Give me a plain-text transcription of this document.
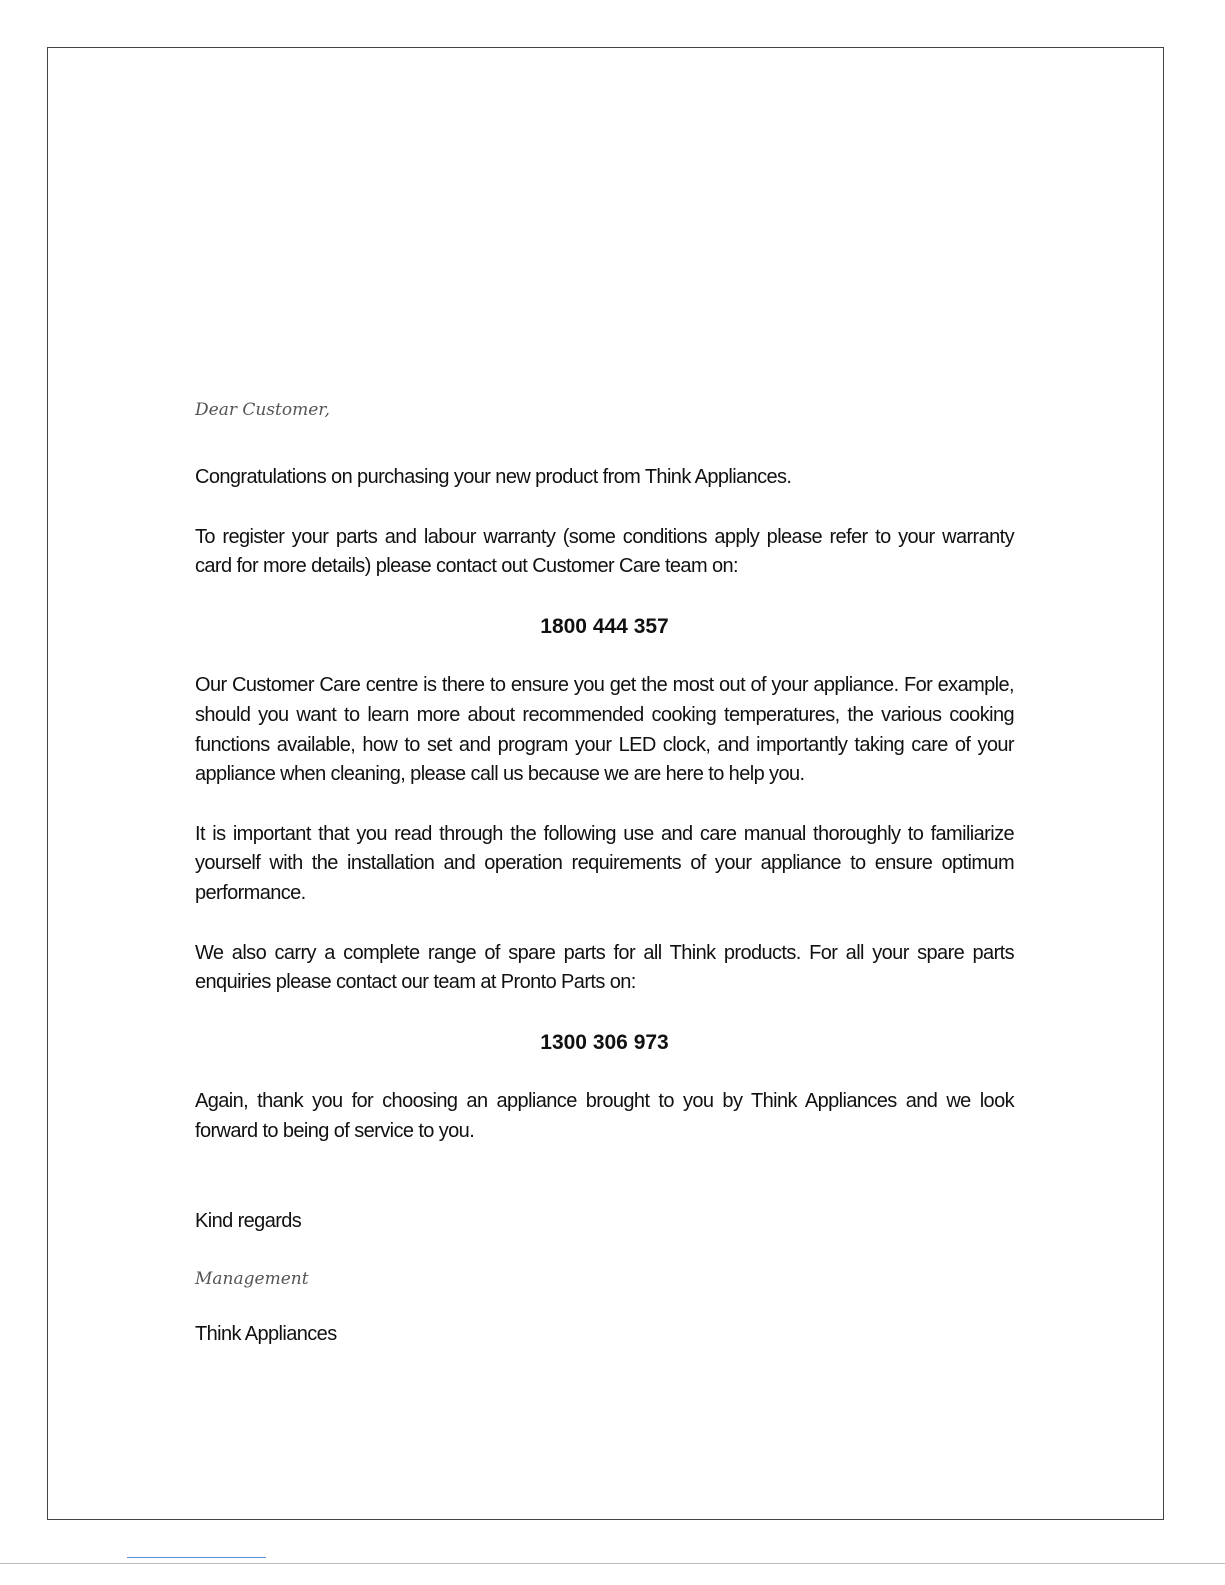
Dear Customer,

Congratulations on purchasing your new product from Think Appliances.

To register your parts and labour warranty (some conditions apply please refer to your warranty card for more details) please contact out Customer Care team on:

1800 444 357

Our Customer Care centre is there to ensure you get the most out of your appliance. For example, should you want to learn more about recommended cooking temperatures, the various cooking functions available, how to set and program your LED clock, and importantly taking care of your appliance when cleaning, please call us because we are here to help you.

It is important that you read through the following use and care manual thoroughly to familiarize yourself with the installation and operation requirements of your appliance to ensure optimum performance.

We also carry a complete range of spare parts for all Think products. For all your spare parts enquiries please contact our team at Pronto Parts on:

1300 306 973

Again, thank you for choosing an appliance brought to you by Think Appliances and we look forward to being of service to you.

Kind regards

Management

Think Appliances
